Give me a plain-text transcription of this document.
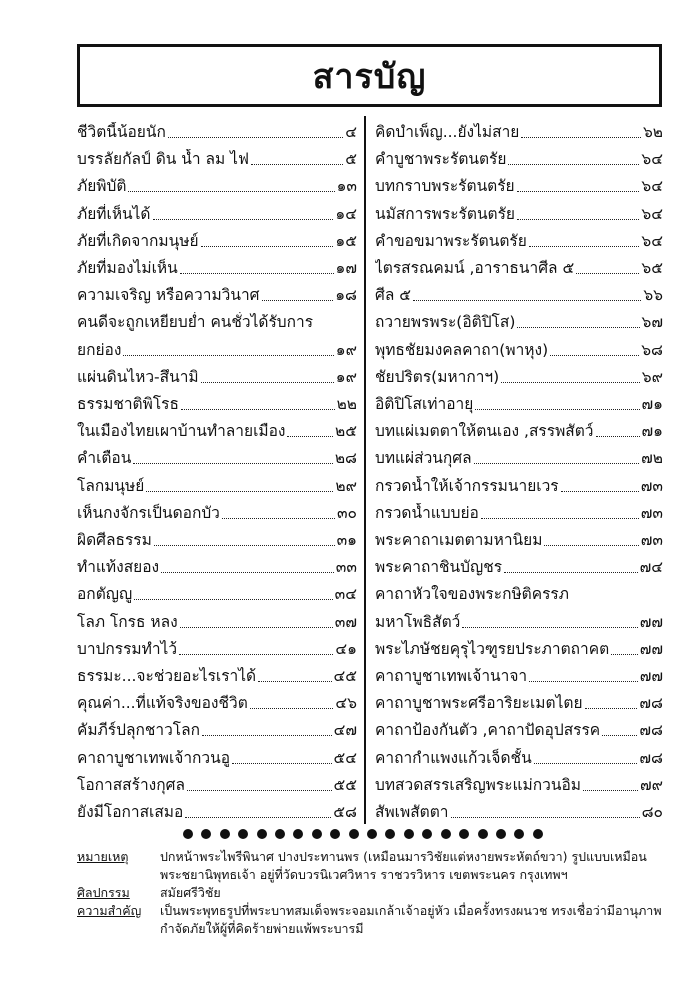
สารบัญ
ชีวิตนี้น้อยนัก	๔
บรรลัยกัลป์ ดิน น้ำ ลม ไฟ	๕
ภัยพิบัติ	๑๓
ภัยที่เห็นได้	๑๔
ภัยที่เกิดจากมนุษย์	๑๕
ภัยที่มองไม่เห็น	๑๗
ความเจริญ หรือความวินาศ	๑๘
คนดีจะถูกเหยียบย่ำ คนชั่วได้รับการ
ยกย่อง	๑๙
แผ่นดินไหว-สึนามิ	๑๙
ธรรมชาติพิโรธ	๒๒
ในเมืองไทยเผาบ้านทำลายเมือง	๒๕
คำเตือน	๒๘
โลกมนุษย์	๒๙
เห็นกงจักรเป็นดอกบัว	๓๐
ผิดศีลธรรม	๓๑
ทำแท้งสยอง	๓๓
อกตัญญู	๓๔
โลภ โกรธ หลง	๓๗
บาปกรรมทำไว้	๔๑
ธรรมะ...จะช่วยอะไรเราได้	๔๕
คุณค่า...ที่แท้จริงของชีวิต	๔๖
คัมภีร์ปลุกชาวโลก	๔๗
คาถาบูชาเทพเจ้ากวนอู	๕๔
โอกาสสร้างกุศล	๕๕
ยังมีโอกาสเสมอ	๕๘
คิดบำเพ็ญ...ยังไม่สาย	๖๒
คำบูชาพระรัตนตรัย	๖๔
บทกราบพระรัตนตรัย	๖๔
นมัสการพระรัตนตรัย	๖๔
คำขอขมาพระรัตนตรัย	๖๔
ไตรสรณคมน์ ,อาราธนาศีล ๕	๖๕
ศีล ๕	๖๖
ถวายพรพระ(อิติปิโส)	๖๗
พุทธชัยมงคลคาถา(พาหุง)	๖๘
ชัยปริตร(มหากาฯ)	๖๙
อิติปิโสเท่าอายุ	๗๑
บทแผ่เมตตาให้ตนเอง ,สรรพสัตว์	๗๑
บทแผ่ส่วนกุศล	๗๒
กรวดน้ำให้เจ้ากรรมนายเวร	๗๓
กรวดน้ำแบบย่อ	๗๓
พระคาถาเมตตามหานิยม	๗๓
พระคาถาชินบัญชร	๗๔
คาถาหัวใจของพระกษิติครรภ
มหาโพธิสัตว์	๗๗
พระไภษัชยคุรุไวฑูรยประภาตถาคต ๗๗
คาถาบูชาเทพเจ้านาจา	๗๗
คาถาบูชาพระศรีอาริยะเมตไตย	๗๘
คาถาป้องกันตัว ,คาถาปัดอุปสรรค	๗๘
คาถากำแพงแก้วเจ็ดชั้น	๗๘
บทสวดสรรเสริญพระแม่กวนอิม	๗๙
สัพเพสัตตา	๘๐
หมายเหตุ	ปกหน้าพระไพรีพินาศ ปางประทานพร (เหมือนมารวิชัยแต่หงายพระหัตถ์ขวา) รูปแบบเหมือนพระชยานิพุทธเจ้า อยู่ที่วัดบวรนิเวศวิหาร ราชวรวิหาร เขตพระนคร กรุงเทพฯ
ศิลปกรรม	สมัยศรีวิชัย
ความสำคัญ	เป็นพระพุทธรูปที่พระบาทสมเด็จพระจอมเกล้าเจ้าอยู่หัว เมื่อครั้งทรงผนวช ทรงเชื่อว่ามีอานุภาพกำจัดภัยให้ผู้ที่คิดร้ายพ่ายแพ้พระบารมี
